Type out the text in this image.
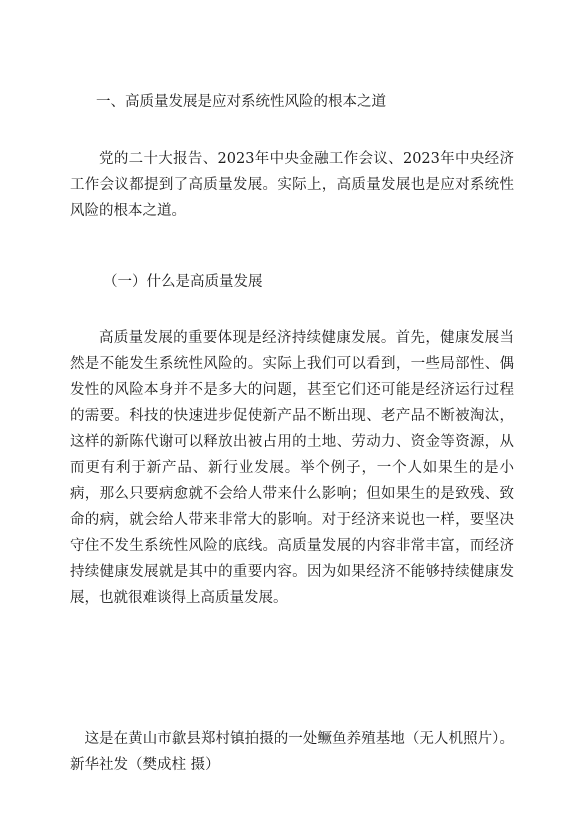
一、高质量发展是应对系统性风险的根本之道

党的二十大报告、2023年中央金融工作会议、2023年中央经济工作会议都提到了高质量发展。实际上，高质量发展也是应对系统性风险的根本之道。

（一）什么是高质量发展

高质量发展的重要体现是经济持续健康发展。首先，健康发展当然是不能发生系统性风险的。实际上我们可以看到，一些局部性、偶发性的风险本身并不是多大的问题，甚至它们还可能是经济运行过程的需要。科技的快速进步促使新产品不断出现、老产品不断被淘汰，这样的新陈代谢可以释放出被占用的土地、劳动力、资金等资源，从而更有利于新产品、新行业发展。举个例子，一个人如果生的是小病，那么只要病愈就不会给人带来什么影响；但如果生的是致残、致命的病，就会给人带来非常大的影响。对于经济来说也一样，要坚决守住不发生系统性风险的底线。高质量发展的内容非常丰富，而经济持续健康发展就是其中的重要内容。因为如果经济不能够持续健康发展，也就很难谈得上高质量发展。

这是在黄山市歙县郑村镇拍摄的一处鳜鱼养殖基地（无人机照片）。新华社发（樊成柱 摄）
